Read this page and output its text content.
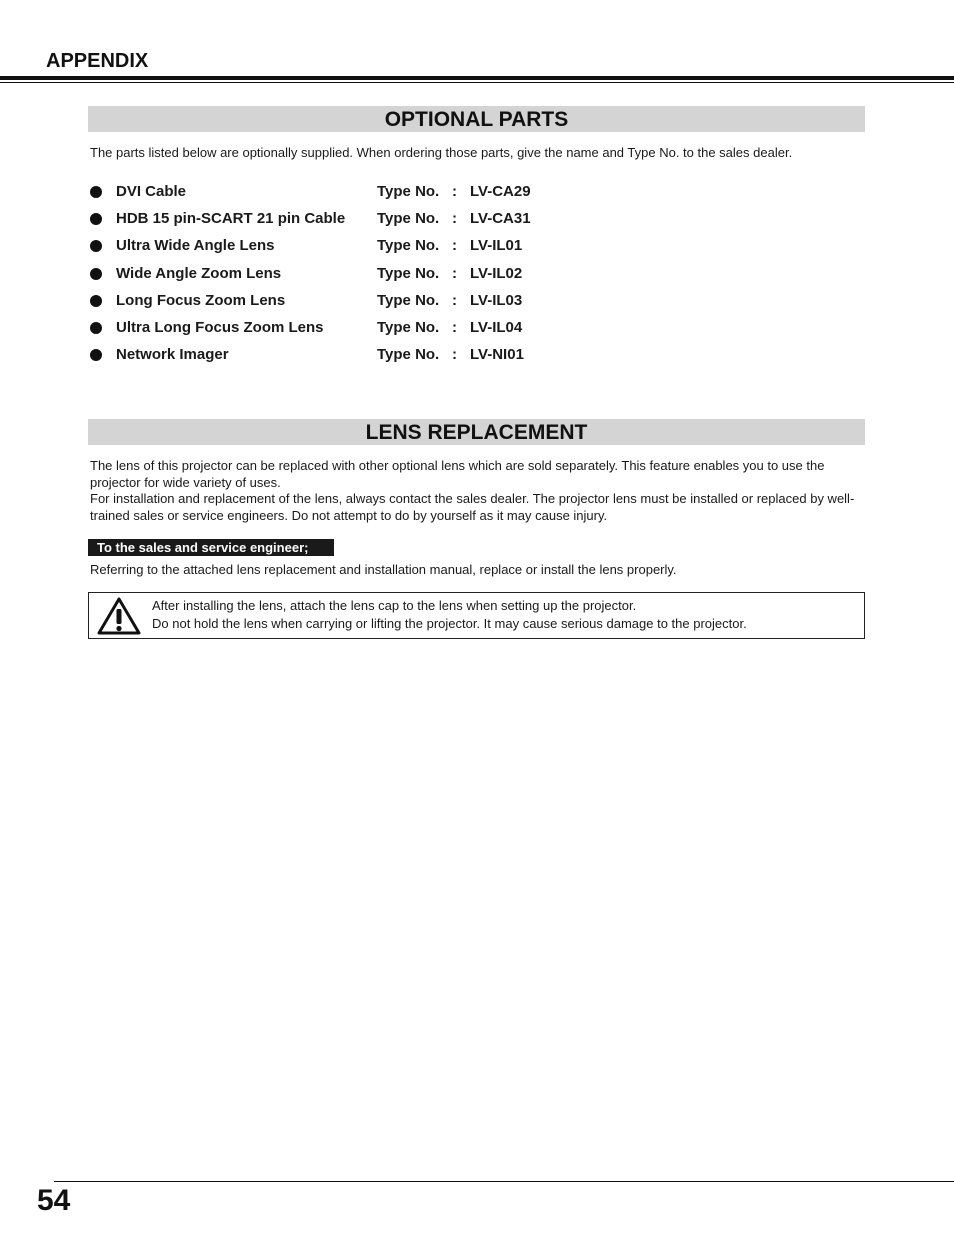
APPENDIX
OPTIONAL PARTS

The parts listed below are optionally supplied. When ordering those parts, give the name and Type No. to the sales dealer.

DVI Cable	Type No. : LV-CA29
HDB 15 pin-SCART 21 pin Cable Type No. : LV-CA31
Ultra Wide Angle Lens	Type No. : LV-IL01
Wide Angle Zoom Lens	Type No. : LV-IL02
Long Focus Zoom Lens	Type No. : LV-IL03
Ultra Long Focus Zoom Lens	Type No. : LV-IL04
Network Imager	Type No. : LV-NI01
LENS REPLACEMENT

The lens of this projector can be replaced with other optional lens which are sold separately. This feature enables you to use the projector for wide variety of uses.

For installation and replacement of the lens, always contact the sales dealer. The projector lens must be installed or replaced by well-trained sales or service engineers. Do not attempt to do by yourself as it may cause injury.

To the sales and service engineer;

Referring to the attached lens replacement and installation manual, replace or install the lens properly.

After installing the lens, attach the lens cap to the lens when setting up the projector.
Do not hold the lens when carrying or lifting the projector. It may cause serious damage to the projector.
54
